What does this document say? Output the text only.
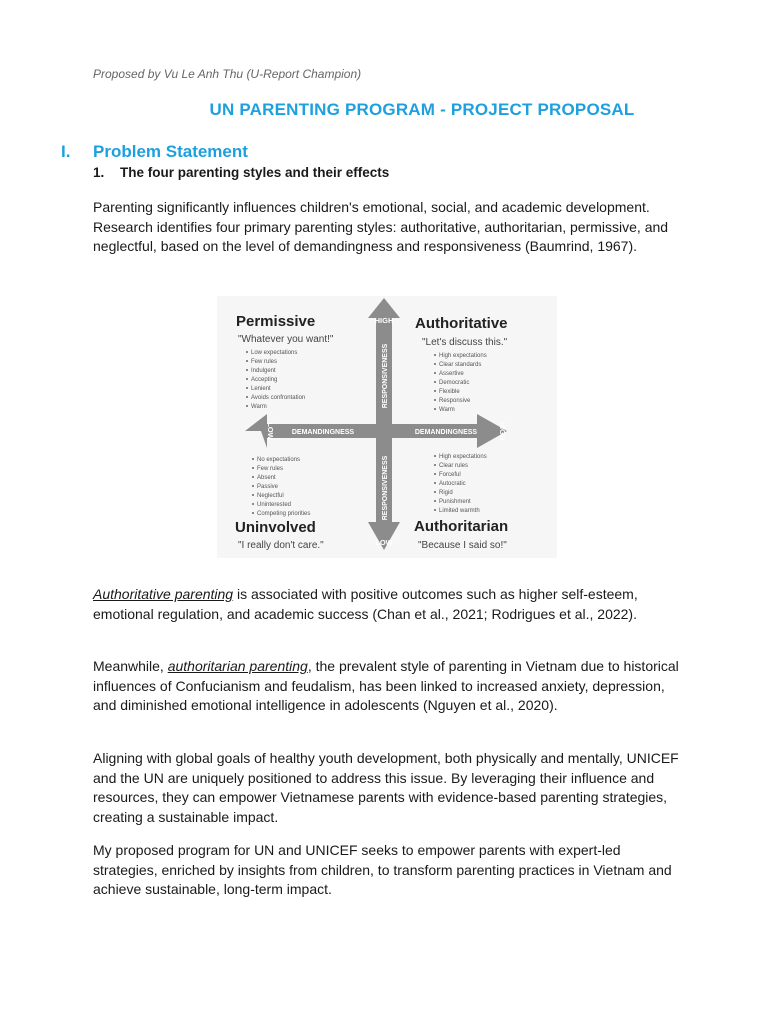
Proposed by Vu Le Anh Thu (U-Report Champion)
UN PARENTING PROGRAM - PROJECT PROPOSAL
I. Problem Statement
1. The four parenting styles and their effects

Parenting significantly influences children's emotional, social, and academic development. Research identifies four primary parenting styles: authoritative, authoritarian, permissive, and neglectful, based on the level of demandingness and responsiveness (Baumrind, 1967).

HIGH
LOW
LOW	HIGH
RESPONSIVENESS
RESPONSIVENESS
DEMANDINGNESS	DEMANDINGNESS
Permissive
"Whatever you want!"
Low expectations
Few rules
Indulgent
Accepting
Lenient
Avoids confrontation
Warm
Authoritative
"Let's discuss this."
High expectations
Clear standards
Assertive
Democratic
Flexible
Responsive
Warm
No expectations
Few rules
Absent
Passive
Neglectful
Uninterested
Competing priorities
Uninvolved
"I really don't care."
High expectations
Clear rules
Forceful
Autocratic
Rigid
Punishment
Limited warmth
Authoritarian
"Because I said so!"

Authoritative parenting is associated with positive outcomes such as higher self-esteem, emotional regulation, and academic success (Chan et al., 2021; Rodrigues et al., 2022).

Meanwhile, authoritarian parenting, the prevalent style of parenting in Vietnam due to historical influences of Confucianism and feudalism, has been linked to increased anxiety, depression, and diminished emotional intelligence in adolescents (Nguyen et al., 2020).

Aligning with global goals of healthy youth development, both physically and mentally, UNICEF and the UN are uniquely positioned to address this issue. By leveraging their influence and resources, they can empower Vietnamese parents with evidence-based parenting strategies, creating a sustainable impact.

My proposed program for UN and UNICEF seeks to empower parents with expert-led strategies, enriched by insights from children, to transform parenting practices in Vietnam and achieve sustainable, long-term impact.
